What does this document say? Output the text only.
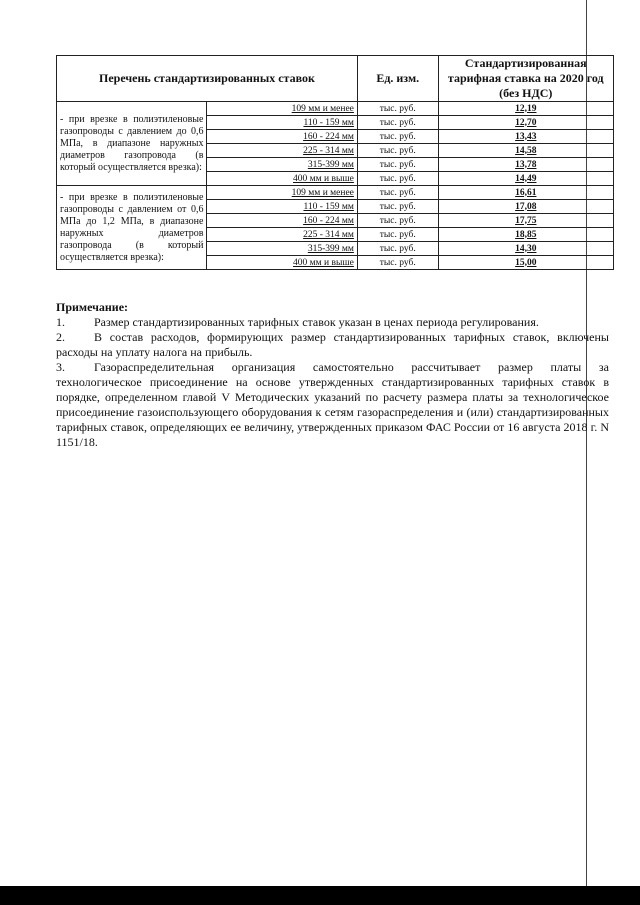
Перечень стандартизированных ставок		Ед. изм.	Стандартизированная тарифная ставка на 2020 год (без НДС)
- при врезке в полиэтиленовые газопроводы с давлением до 0,6 МПа, в диапазоне наружных диаметров газопровода (в который осуществляется врезка):	109 мм и менее	тыс. руб.	12,19
	110 - 159 мм	тыс. руб.	12,70
	160 - 224 мм	тыс. руб.	13,43
	225 - 314 мм	тыс. руб.	14,58
	315-399 мм	тыс. руб.	13,78
	400 мм и выше	тыс. руб.	14,49
- при врезке в полиэтиленовые газопроводы с давлением от 0,6 МПа до 1,2 МПа, в диапазоне наружных диаметров газопровода (в который осуществляется врезка):	109 мм и менее	тыс. руб.	16,61
	110 - 159 мм	тыс. руб.	17,08
	160 - 224 мм	тыс. руб.	17,75
	225 - 314 мм	тыс. руб.	18,85
	315-399 мм	тыс. руб.	14,30
	400 мм и выше	тыс. руб.	15,00
Примечание:

1. Размер стандартизированных тарифных ставок указан в ценах периода регулирования.

2. В состав расходов, формирующих размер стандартизированных тарифных ставок, включены расходы на уплату налога на прибыль.

3. Газораспределительная организация самостоятельно рассчитывает размер платы за технологическое присоединение на основе утвержденных стандартизированных тарифных ставок в порядке, определенном главой V Методических указаний по расчету размера платы за технологическое присоединение газоиспользующего оборудования к сетям газораспределения и (или) стандартизированных тарифных ставок, определяющих ее величину, утвержденных приказом ФАС России от 16 августа 2018 г. N 1151/18.
